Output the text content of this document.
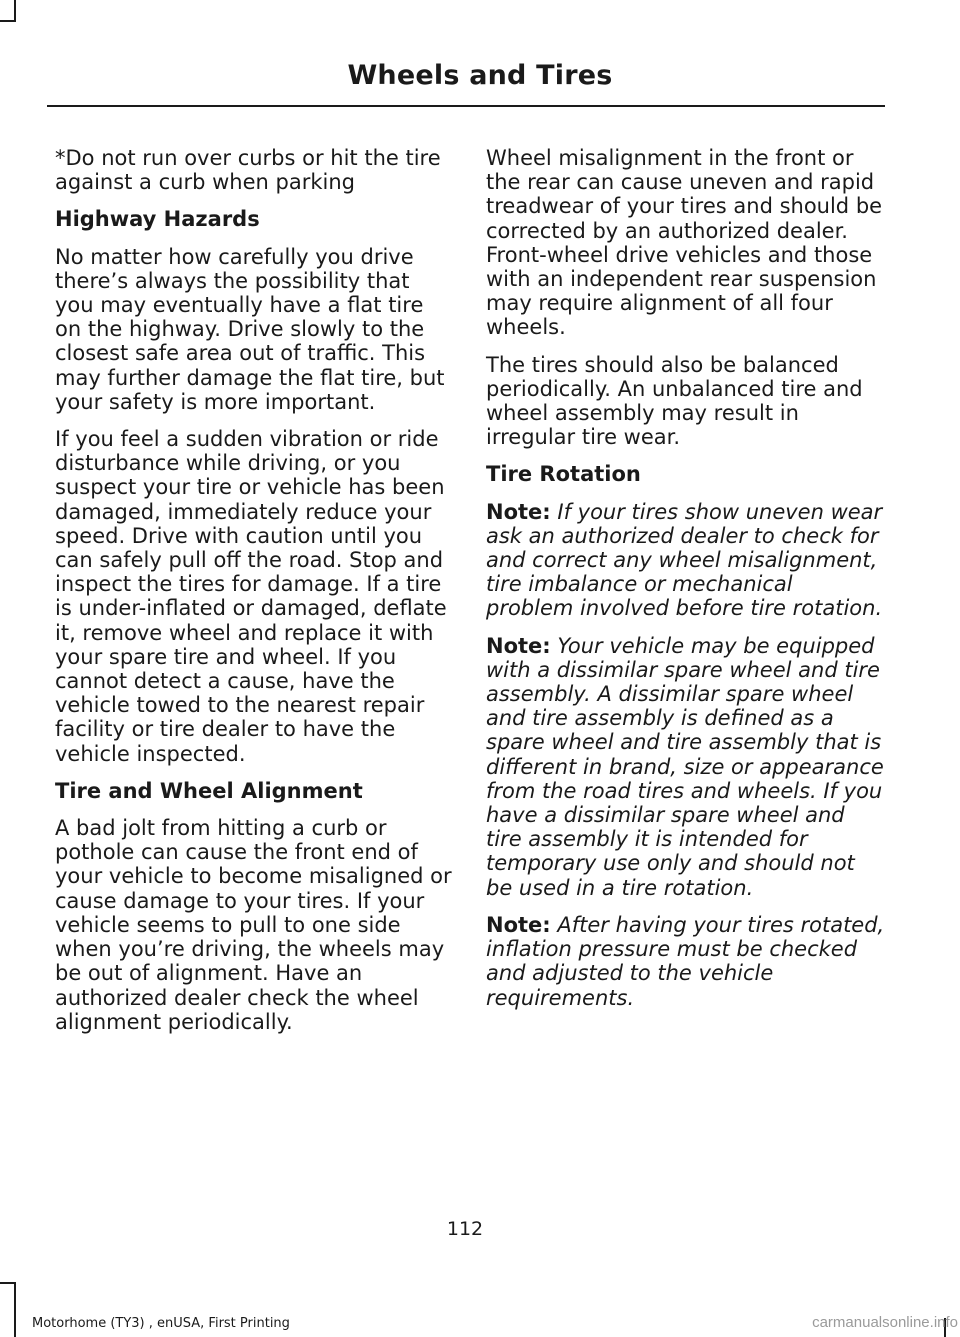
Wheels and Tires

*Do not run over curbs or hit the tire against a curb when parking

Highway Hazards

No matter how carefully you drive there’s always the possibility that you may eventually have a flat tire on the highway. Drive slowly to the closest safe area out of traffic. This may further damage the flat tire, but your safety is more important.

If you feel a sudden vibration or ride disturbance while driving, or you suspect your tire or vehicle has been damaged, immediately reduce your speed. Drive with caution until you can safely pull off the road. Stop and inspect the tires for damage. If a tire is under-inflated or damaged, deflate it, remove wheel and replace it with your spare tire and wheel. If you cannot detect a cause, have the vehicle towed to the nearest repair facility or tire dealer to have the vehicle inspected.

Tire and Wheel Alignment

A bad jolt from hitting a curb or pothole can cause the front end of your vehicle to become misaligned or cause damage to your tires. If your vehicle seems to pull to one side when you’re driving, the wheels may be out of alignment. Have an authorized dealer check the wheel alignment periodically.

Wheel misalignment in the front or the rear can cause uneven and rapid treadwear of your tires and should be corrected by an authorized dealer. Front-wheel drive vehicles and those with an independent rear suspension may require alignment of all four wheels.

The tires should also be balanced periodically. An unbalanced tire and wheel assembly may result in irregular tire wear.

Tire Rotation

Note: If your tires show uneven wear ask an authorized dealer to check for and correct any wheel misalignment, tire imbalance or mechanical problem involved before tire rotation.

Note: Your vehicle may be equipped with a dissimilar spare wheel and tire assembly. A dissimilar spare wheel and tire assembly is defined as a spare wheel and tire assembly that is different in brand, size or appearance from the road tires and wheels. If you have a dissimilar spare wheel and tire assembly it is intended for temporary use only and should not be used in a tire rotation.

Note: After having your tires rotated, inflation pressure must be checked and adjusted to the vehicle requirements.

112
Motorhome (TY3) , enUSA, First Printing	carmanualsonline.info
